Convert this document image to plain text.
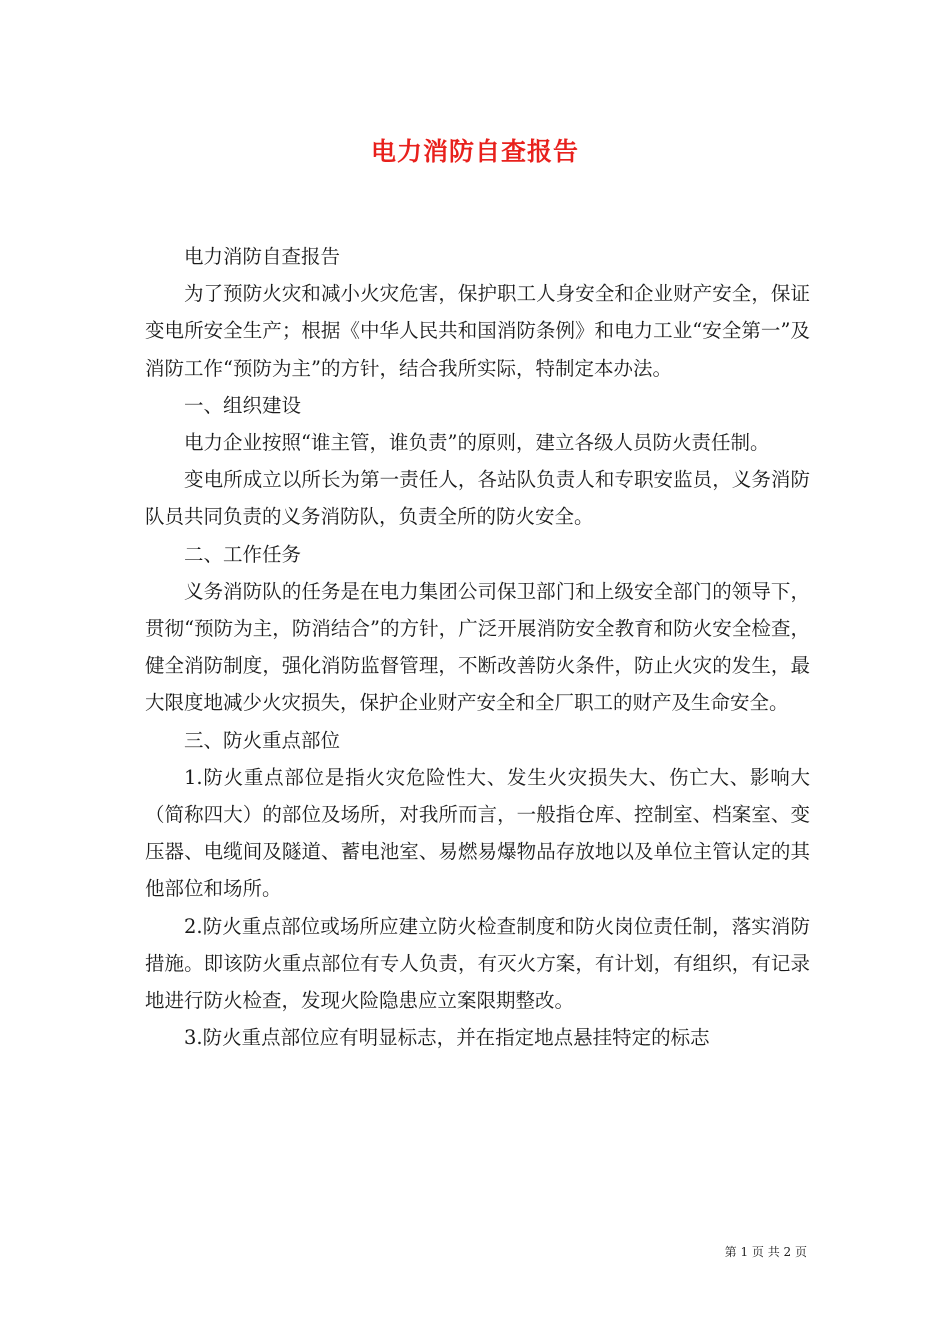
电力消防自查报告

电力消防自查报告

为了预防火灾和减小火灾危害，保护职工人身安全和企业财产安全，保证变电所安全生产；根据《中华人民共和国消防条例》和电力工业“安全第一”及消防工作“预防为主”的方针，结合我所实际，特制定本办法。

一、组织建设

电力企业按照“谁主管，谁负责”的原则，建立各级人员防火责任制。

变电所成立以所长为第一责任人，各站队负责人和专职安监员，义务消防队员共同负责的义务消防队，负责全所的防火安全。

二、工作任务

义务消防队的任务是在电力集团公司保卫部门和上级安全部门的领导下，贯彻“预防为主，防消结合”的方针，广泛开展消防安全教育和防火安全检查，健全消防制度，强化消防监督管理，不断改善防火条件，防止火灾的发生，最大限度地减少火灾损失，保护企业财产安全和全厂职工的财产及生命安全。

三、防火重点部位

1.防火重点部位是指火灾危险性大、发生火灾损失大、伤亡大、影响大（简称四大）的部位及场所，对我所而言，一般指仓库、控制室、档案室、变压器、电缆间及隧道、蓄电池室、易燃易爆物品存放地以及单位主管认定的其他部位和场所。

2.防火重点部位或场所应建立防火检查制度和防火岗位责任制，落实消防措施。即该防火重点部位有专人负责，有灭火方案，有计划，有组织，有记录地进行防火检查，发现火险隐患应立案限期整改。

3.防火重点部位应有明显标志，并在指定地点悬挂特定的标志

第 1 页 共 2 页
